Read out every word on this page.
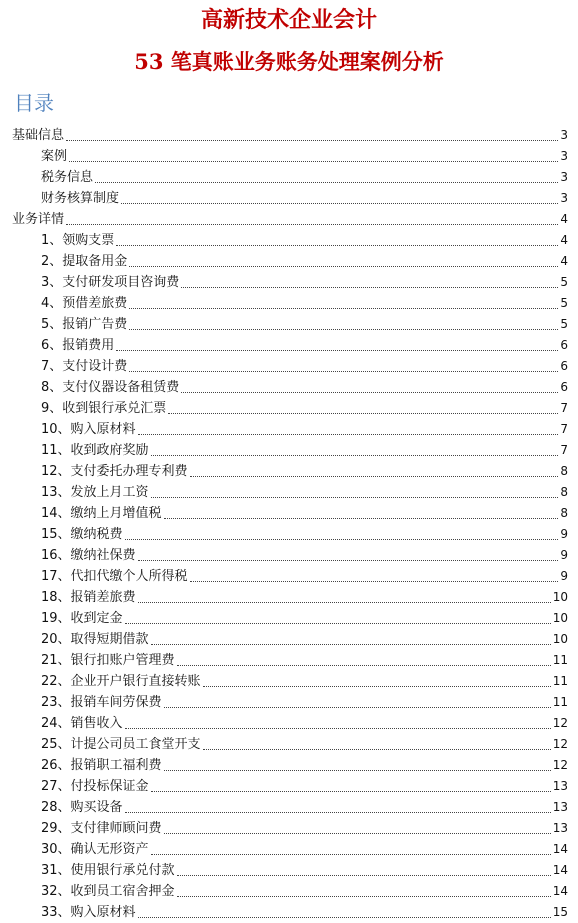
高新技术企业会计
53 笔真账业务账务处理案例分析
目录
基础信息	3
案例	3
税务信息	3
财务核算制度	3
业务详情	4
1、领购支票	4
2、提取备用金	4
3、支付研发项目咨询费	5
4、预借差旅费	5
5、报销广告费	5
6、报销费用	6
7、支付设计费	6
8、支付仪器设备租赁费	6
9、收到银行承兑汇票	7
10、购入原材料	7
11、收到政府奖励	7
12、支付委托办理专利费	8
13、发放上月工资	8
14、缴纳上月增值税	8
15、缴纳税费	9
16、缴纳社保费	9
17、代扣代缴个人所得税	9
18、报销差旅费	10
19、收到定金	10
20、取得短期借款	10
21、银行扣账户管理费	11
22、企业开户银行直接转账	11
23、报销车间劳保费	11
24、销售收入	12
25、计提公司员工食堂开支	12
26、报销职工福利费	12
27、付投标保证金	13
28、购买设备	13
29、支付律师顾问费	13
30、确认无形资产	14
31、使用银行承兑付款	14
32、收到员工宿舍押金	14
33、购入原材料	15
